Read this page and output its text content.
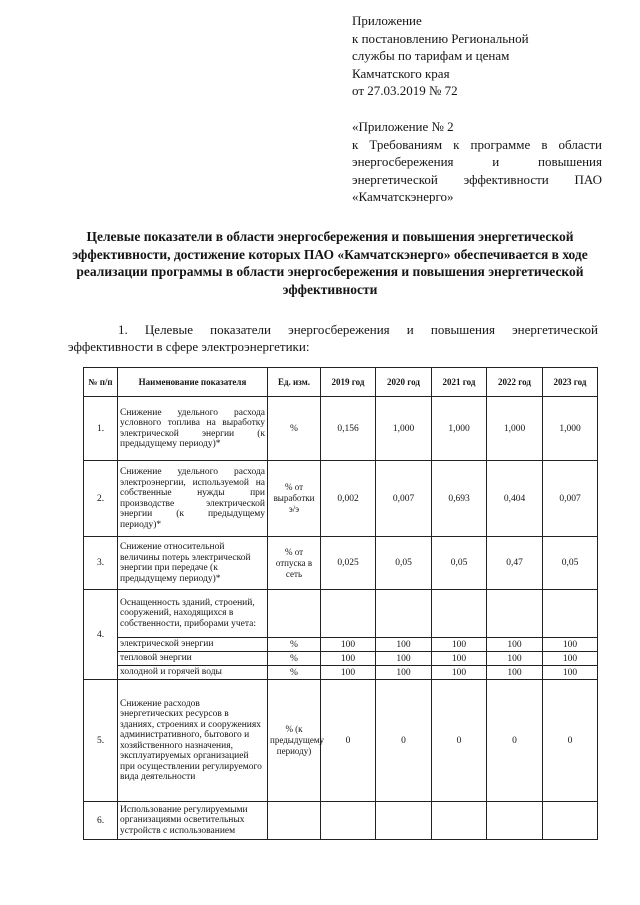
Приложение
к постановлению Региональной
службы по тарифам и ценам
Камчатского края
от 27.03.2019 № 72
«Приложение № 2
к Требованиям к программе в области энергосбережения и повышения энергетической эффективности ПАО «Камчатскэнерго»
Целевые показатели в области энергосбережения и повышения энергетической эффективности, достижение которых ПАО «Камчатскэнерго» обеспечивается в ходе реализации программы в области энергосбережения и повышения энергетической эффективности
1. Целевые показатели энергосбережения и повышения энергетической эффективности в сфере электроэнергетики:
№ п/п	Наименование показателя	Ед. изм.	2019 год	2020 год	2021 год	2022 год	2023 год
1.	Снижение удельного расхода условного топлива на выработку электрической энергии (к предыдущему периоду)*	%	0,156	1,000	1,000	1,000	1,000
2.	Снижение удельного расхода электроэнергии, используемой на собственные нужды при производстве электрической энергии (к предыдущему периоду)*	% от выработки э/э	0,002	0,007	0,693	0,404	0,007
3.	Снижение относительной величины потерь электрической энергии при передаче (к предыдущему периоду)*	% от отпуска в сеть	0,025	0,05	0,05	0,47	0,05
4.	Оснащенность зданий, строений, сооружений, находящихся в собственности, приборами учета:						
	электрической энергии	%	100	100	100	100	100
	тепловой энергии	%	100	100	100	100	100
	холодной и горячей воды	%	100	100	100	100	100
5.	Снижение расходов энергетических ресурсов в зданиях, строениях и сооружениях административного, бытового и хозяйственного назначения, эксплуатируемых организацией при осуществлении регулируемого вида деятельности	% (к предыдущему периоду)	0	0	0	0	0
6.	Использование регулируемыми организациями осветительных устройств с использованием						
